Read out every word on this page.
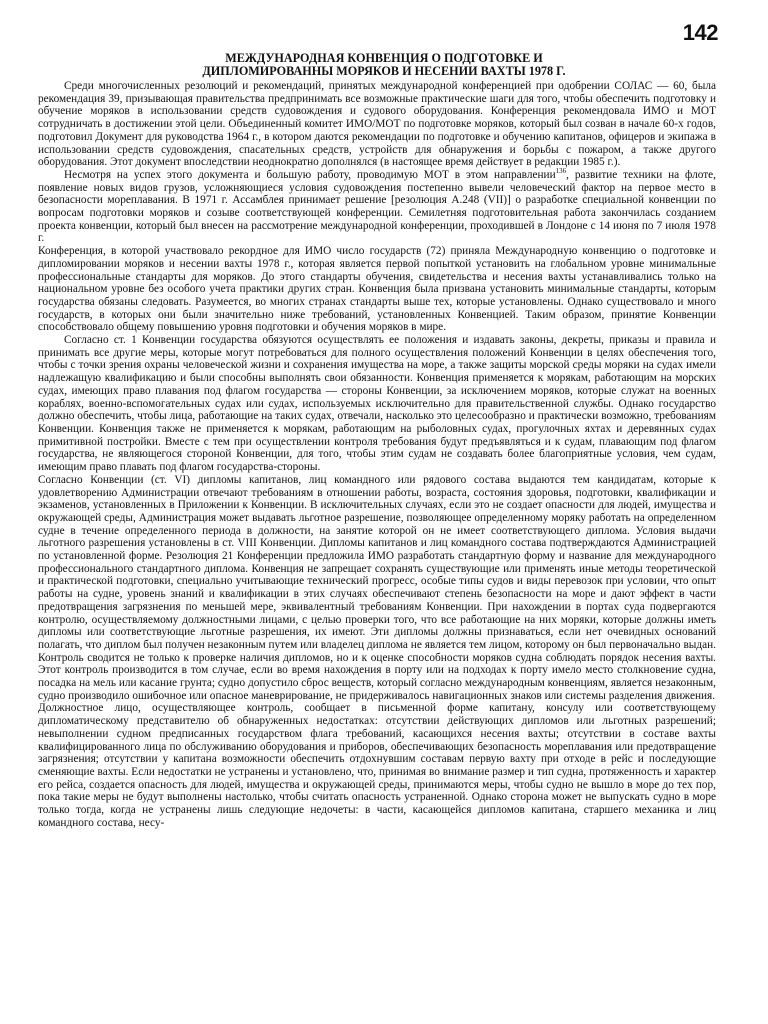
142
МЕЖДУНАРОДНАЯ КОНВЕНЦИЯ О ПОДГОТОВКЕ И
ДИПЛОМИРОВАННЫ МОРЯКОВ И НЕСЕНИИ ВАХТЫ 1978 Г.

Среди многочисленных резолюций и рекомендаций, принятых международной конференцией при одобрении СОЛАС — 60, была рекомендация 39, призывающая правительства предпринимать все возможные практические шаги для того, чтобы обеспечить подготовку и обучение моряков в использовании средств судовождения и судового оборудования. Конференция рекомендовала ИМО и МОТ сотрудничать в достижении этой цели. Объединенный комитет ИМО/МОТ по подготовке моряков, который был созван в начале 60-х годов, подготовил Документ для руководства 1964 г., в котором даются рекомендации по подготовке и обучению капитанов, офицеров и экипажа в использовании средств судовождения, спасательных средств, устройств для обнаружения и борьбы с пожаром, а также другого оборудования. Этот документ впоследствии неоднократно дополнялся (в настоящее время действует в редакции 1985 г.).

Несмотря на успех этого документа и большую работу, проводимую МОТ в этом направлении$^{136}$, развитие техники на флоте, появление новых видов грузов, усложняющиеся условия судовождения постепенно вывели человеческий фактор на первое место в безопасности мореплавания. В 1971 г. Ассамблея принимает решение [резолюция А.248 (VII)] о разработке специальной конвенции по вопросам подготовки моряков и созыве соответствующей конференции. Семилетняя подготовительная работа закончилась созданием проекта конвенции, который был внесен на рассмотрение международной конференции, проходившей в Лондоне с 14 июня по 7 июля 1978 г.

Конференция, в которой участвовало рекордное для ИМО число государств (72) приняла Международную конвенцию о подготовке и дипломировании моряков и несении вахты 1978 г., которая является первой попыткой установить на глобальном уровне минимальные профессиональные стандарты для моряков. До этого стандарты обучения, свидетельства и несения вахты устанавливались только на национальном уровне без особого учета практики других стран. Конвенция была призвана установить минимальные стандарты, которым государства обязаны следовать. Разумеется, во многих странах стандарты выше тех, которые установлены. Однако существовало и много государств, в которых они были значительно ниже требований, установленных Конвенцией. Таким образом, принятие Конвенции способствовало общему повышению уровня подготовки и обучения моряков в мире.

Согласно ст. 1 Конвенции государства обязуются осуществлять ее положения и издавать законы, декреты, приказы и правила и принимать все другие меры, которые могут потребоваться для полного осуществления положений Конвенции в целях обеспечения того, чтобы с точки зрения охраны человеческой жизни и сохранения имущества на море, а также защиты морской среды моряки на судах имели надлежащую квалификацию и были способны выполнять свои обязанности. Конвенция применяется к морякам, работающим на морских судах, имеющих право плавания под флагом государства — стороны Конвенции, за исключением моряков, которые служат на военных кораблях, военно-вспомогательных судах или судах, используемых исключительно для правительственной службы. Однако государство должно обеспечить, чтобы лица, работающие на таких судах, отвечали, насколько это целесообразно и практически возможно, требованиям Конвенции. Конвенция также не применяется к морякам, работающим на рыболовных судах, прогулочных яхтах и деревянных судах примитивной постройки. Вместе с тем при осуществлении контроля требования будут предъявляться и к судам, плавающим под флагом государства, не являющегося стороной Конвенции, для того, чтобы этим судам не создавать более благоприятные условия, чем судам, имеющим право плавать под флагом государства-стороны.

Согласно Конвенции (ст. VI) дипломы капитанов, лиц командного или рядового состава выдаются тем кандидатам, которые к удовлетворению Администрации отвечают требованиям в отношении работы, возраста, состояния здоровья, подготовки, квалификации и экзаменов, установленных в Приложении к Конвенции. В исключительных случаях, если это не создает опасности для людей, имущества и окружающей среды, Администрация может выдавать льготное разрешение, позволяющее определенному моряку работать на определенном судне в течение определенного периода в должности, на занятие которой он не имеет соответствующего диплома. Условия выдачи льготного разрешения установлены в ст. VIII Конвенции. Дипломы капитанов и лиц командного состава подтверждаются Администрацией по установленной форме. Резолюция 21 Конференции предложила ИМО разработать стандартную форму и название для международного профессионального стандартного диплома. Конвенция не запрещает сохранять существующие или применять иные методы теоретической и практической подготовки, специально учитывающие технический прогресс, особые типы судов и виды перевозок при условии, что опыт работы на судне, уровень знаний и квалификации в этих случаях обеспечивают степень безопасности на море и дают эффект в части предотвращения загрязнения по меньшей мере, эквивалентный требованиям Конвенции. При нахождении в портах суда подвергаются контролю, осуществляемому должностными лицами, с целью проверки того, что все работающие на них моряки, которые должны иметь дипломы или соответствующие льготные разрешения, их имеют. Эти дипломы должны признаваться, если нет очевидных оснований полагать, что диплом был получен незаконным путем или владелец диплома не является тем лицом, которому он был первоначально выдан. Контроль сводится не только к проверке наличия дипломов, но и к оценке способности моряков судна соблюдать порядок несения вахты. Этот контроль производится в том случае, если во время нахождения в порту или на подходах к порту имело место столкновение судна, посадка на мель или касание грунта; судно допустило сброс веществ, который согласно международным конвенциям, является незаконным, судно производило ошибочное или опасное маневрирование, не придерживалось навигационных знаков или системы разделения движения.

Должностное лицо, осуществляющее контроль, сообщает в письменной форме капитану, консулу или соответствующему дипломатическому представителю об обнаруженных недостатках: отсутствии действующих дипломов или льготных разрешений; невыполнении судном предписанных государством флага требований, касающихся несения вахты; отсутствии в составе вахты квалифицированного лица по обслуживанию оборудования и приборов, обеспечивающих безопасность мореплавания или предотвращение загрязнения; отсутствии у капитана возможности обеспечить отдохнувшим составам первую вахту при отходе в рейс и последующие сменяющие вахты. Если недостатки не устранены и установлено, что, принимая во внимание размер и тип судна, протяженность и характер его рейса, создается опасность для людей, имущества и окружающей среды, принимаются меры, чтобы судно не вышло в море до тех пор, пока такие меры не будут выполнены настолько, чтобы считать опасность устраненной. Однако сторона может не выпускать судно в море только тогда, когда не устранены лишь следующие недочеты: в части, касающейся дипломов капитана, старшего механика и лиц командного состава, несу-
